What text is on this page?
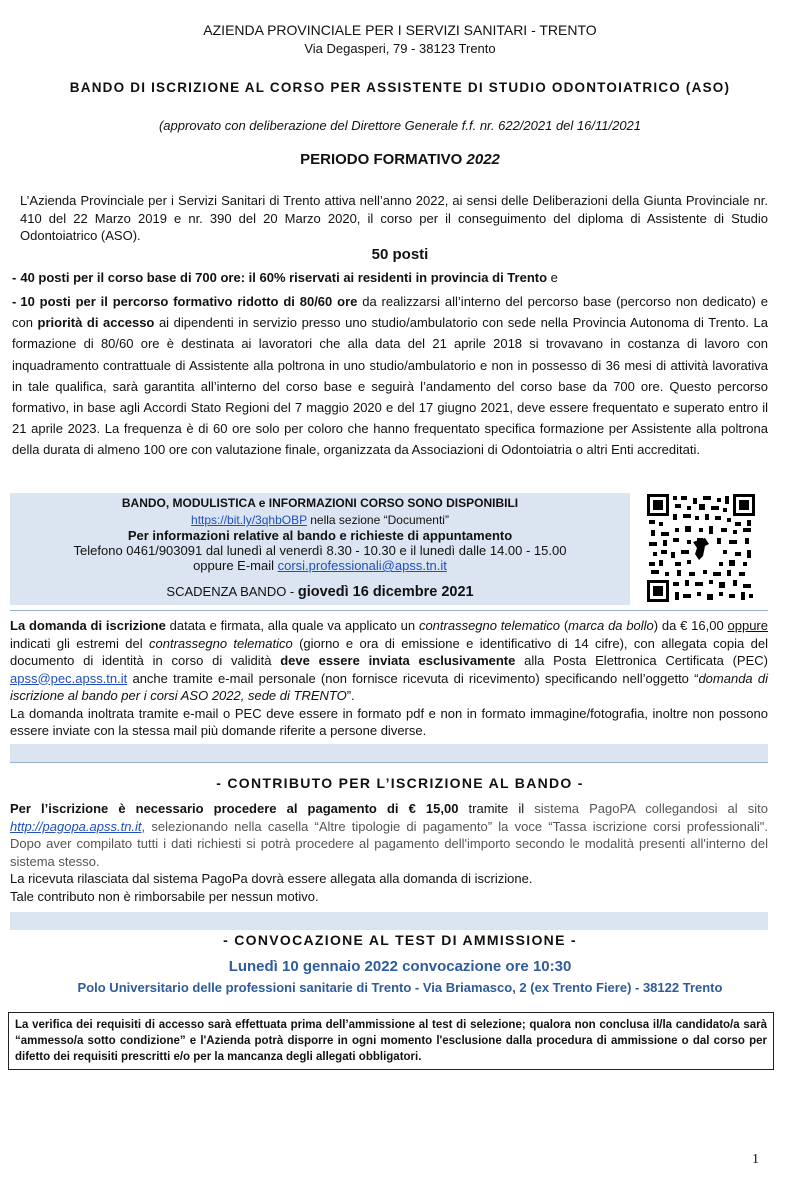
AZIENDA PROVINCIALE PER I SERVIZI SANITARI - TRENTO
Via Degasperi, 79 - 38123 Trento
BANDO DI ISCRIZIONE AL CORSO PER ASSISTENTE DI STUDIO ODONTOIATRICO (ASO)
(approvato con deliberazione del Direttore Generale f.f. nr. 622/2021 del 16/11/2021
PERIODO FORMATIVO 2022
L’Azienda Provinciale per i Servizi Sanitari di Trento attiva nell’anno 2022, ai sensi delle Deliberazioni della Giunta Provinciale nr. 410 del 22 Marzo 2019 e nr. 390 del 20 Marzo 2020, il corso per il conseguimento del diploma di Assistente di Studio Odontoiatrico (ASO).
50 posti
- 40 posti per il corso base di 700 ore: il 60% riservati ai residenti in provincia di Trento e
- 10 posti per il percorso formativo ridotto di 80/60 ore da realizzarsi all’interno del percorso base (percorso non dedicato) e con priorità di accesso ai dipendenti in servizio presso uno studio/ambulatorio con sede nella Provincia Autonoma di Trento. La formazione di 80/60 ore è destinata ai lavoratori che alla data del 21 aprile 2018 si trovavano in costanza di lavoro con inquadramento contrattuale di Assistente alla poltrona in uno studio/ambulatorio e non in possesso di 36 mesi di attività lavorativa in tale qualifica, sarà garantita all’interno del corso base e seguirà l’andamento del corso base da 700 ore. Questo percorso formativo, in base agli Accordi Stato Regioni del 7 maggio 2020 e del 17 giugno 2021, deve essere frequentato e superato entro il 21 aprile 2023. La frequenza è di 60 ore solo per coloro che hanno frequentato specifica formazione per Assistente alla poltrona della durata di almeno 100 ore con valutazione finale, organizzata da Associazioni di Odontoiatria o altri Enti accreditati.
BANDO, MODULISTICA e INFORMAZIONI CORSO SONO DISPONIBILI
https://bit.ly/3qhbOBP nella sezione “Documenti”
Per informazioni relative al bando e richieste di appuntamento
Telefono 0461/903091 dal lunedì al venerdì 8.30 - 10.30 e il lunedì dalle 14.00 - 15.00
oppure E-mail corsi.professionali@apss.tn.it
SCADENZA BANDO - giovedì 16 dicembre 2021
La domanda di iscrizione datata e firmata, alla quale va applicato un contrassegno telematico (marca da bollo) da € 16,00 oppure indicati gli estremi del contrassegno telematico (giorno e ora di emissione e identificativo di 14 cifre), con allegata copia del documento di identità in corso di validità deve essere inviata esclusivamente alla Posta Elettronica Certificata (PEC) apss@pec.apss.tn.it anche tramite e-mail personale (non fornisce ricevuta di ricevimento) specificando nell’oggetto “domanda di iscrizione al bando per i corsi ASO 2022, sede di TRENTO”.
La domanda inoltrata tramite e-mail o PEC deve essere in formato pdf e non in formato immagine/fotografia, inoltre non possono essere inviate con la stessa mail più domande riferite a persone diverse.
- CONTRIBUTO PER L’ISCRIZIONE AL BANDO -
Per l’iscrizione è necessario procedere al pagamento di € 15,00 tramite il sistema PagoPA collegandosi al sito http://pagopa.apss.tn.it, selezionando nella casella “Altre tipologie di pagamento” la voce “Tassa iscrizione corsi professionali". Dopo aver compilato tutti i dati richiesti si potrà procedere al pagamento dell'importo secondo le modalità presenti all'interno del sistema stesso.
La ricevuta rilasciata dal sistema PagoPa dovrà essere allegata alla domanda di iscrizione.
Tale contributo non è rimborsabile per nessun motivo.
- CONVOCAZIONE AL TEST DI AMMISSIONE -
Lunedì 10 gennaio 2022 convocazione ore 10:30
Polo Universitario delle professioni sanitarie di Trento - Via Briamasco, 2 (ex Trento Fiere) - 38122 Trento
La verifica dei requisiti di accesso sarà effettuata prima dell’ammissione al test di selezione; qualora non conclusa il/la candidato/a sarà “ammesso/a sotto condizione” e l'Azienda potrà disporre in ogni momento l'esclusione dalla procedura di ammissione o dal corso per difetto dei requisiti prescritti e/o per la mancanza degli allegati obbligatori.
1
